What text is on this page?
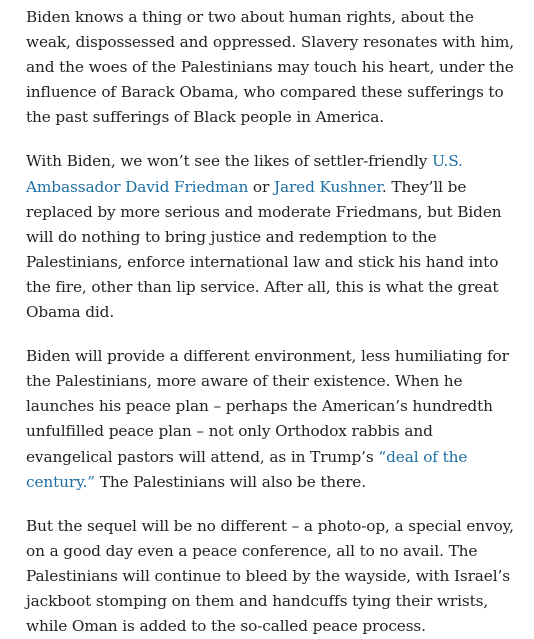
Biden knows a thing or two about human rights, about the weak, dispossessed and oppressed. Slavery resonates with him, and the woes of the Palestinians may touch his heart, under the influence of Barack Obama, who compared these sufferings to the past sufferings of Black people in America.

With Biden, we won’t see the likes of settler-friendly U.S. Ambassador David Friedman or Jared Kushner. They’ll be replaced by more serious and moderate Friedmans, but Biden will do nothing to bring justice and redemption to the Palestinians, enforce international law and stick his hand into the fire, other than lip service. After all, this is what the great Obama did.

Biden will provide a different environment, less humiliating for the Palestinians, more aware of their existence. When he launches his peace plan – perhaps the American’s hundredth unfulfilled peace plan – not only Orthodox rabbis and evangelical pastors will attend, as in Trump’s “deal of the century.” The Palestinians will also be there.

But the sequel will be no different – a photo-op, a special envoy, on a good day even a peace conference, all to no avail. The Palestinians will continue to bleed by the wayside, with Israel’s jackboot stomping on them and handcuffs tying their wrists, while Oman is added to the so-called peace process.
